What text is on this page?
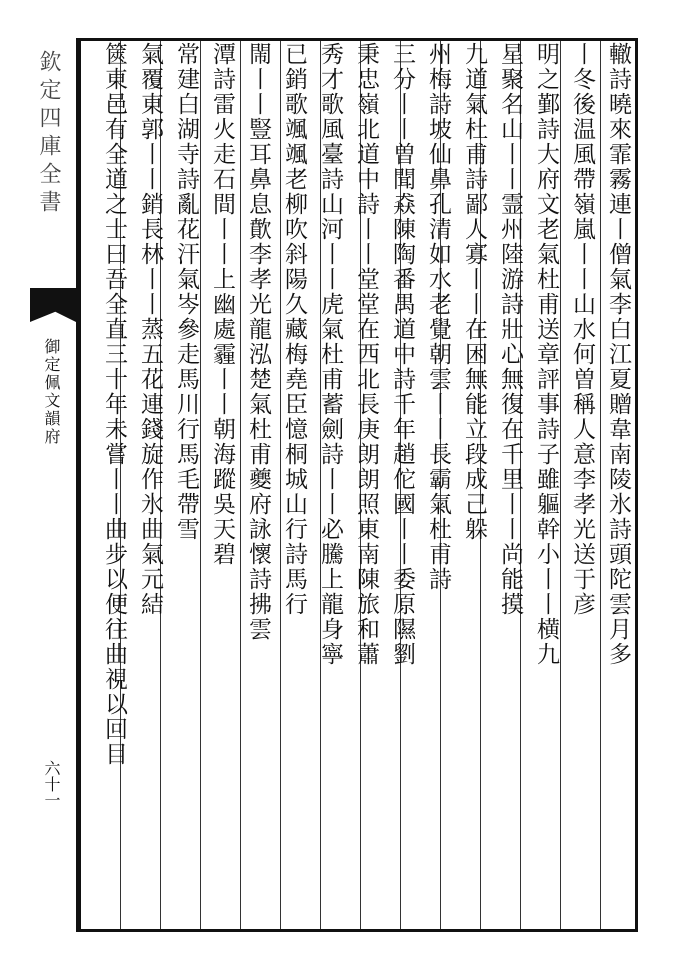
欽定四庫全書
御定佩文韻府
六十一
轍詩曉來霏霧連丨僧氣李白江夏贈韋南陵氷詩頭陀雲月多
丨冬後温風帶嶺嵐丨丨山水何曽稱人意李孝光送于彦
明之鄞詩大府文老氣杜甫送章評事詩子雖軀幹小丨丨横九
星聚名山丨丨霊州陸游詩壯心無復在千里丨丨尚能摸
九道氣杜甫詩鄙人寡丨丨在困無能立段成己躲
州梅詩坡仙鼻孔清如水老覺朝雲丨丨長霸氣杜甫詩
三分丨丨曽聞猋陳陶番禺道中詩千年趙佗國丨丨委原隰劉
秉忠嶺北道中詩丨丨堂堂在西北長庚朗朗照東南陳旅和蕭
秀才歌風臺詩山河丨丨虎氣杜甫蓄劍詩丨丨必騰上龍身寧
已銷歌颯颯老柳吹斜陽久藏梅堯臣憶桐城山行詩馬行
閙丨丨豎耳鼻息歕李孝光龍泓楚氣杜甫夔府詠懷詩拂雲
潭詩雷火走石間丨丨上幽處霾丨丨朝海蹤吳天碧
常建白湖寺詩亂花汗氣岑參走馬川行馬毛帶雪
氣覆東郭丨丨銷長林丨丨蒸五花連錢旋作氷曲氣元結
篋東邑有全道之士曰吾全直三十年未嘗丨丨曲步以便往曲視以回目
